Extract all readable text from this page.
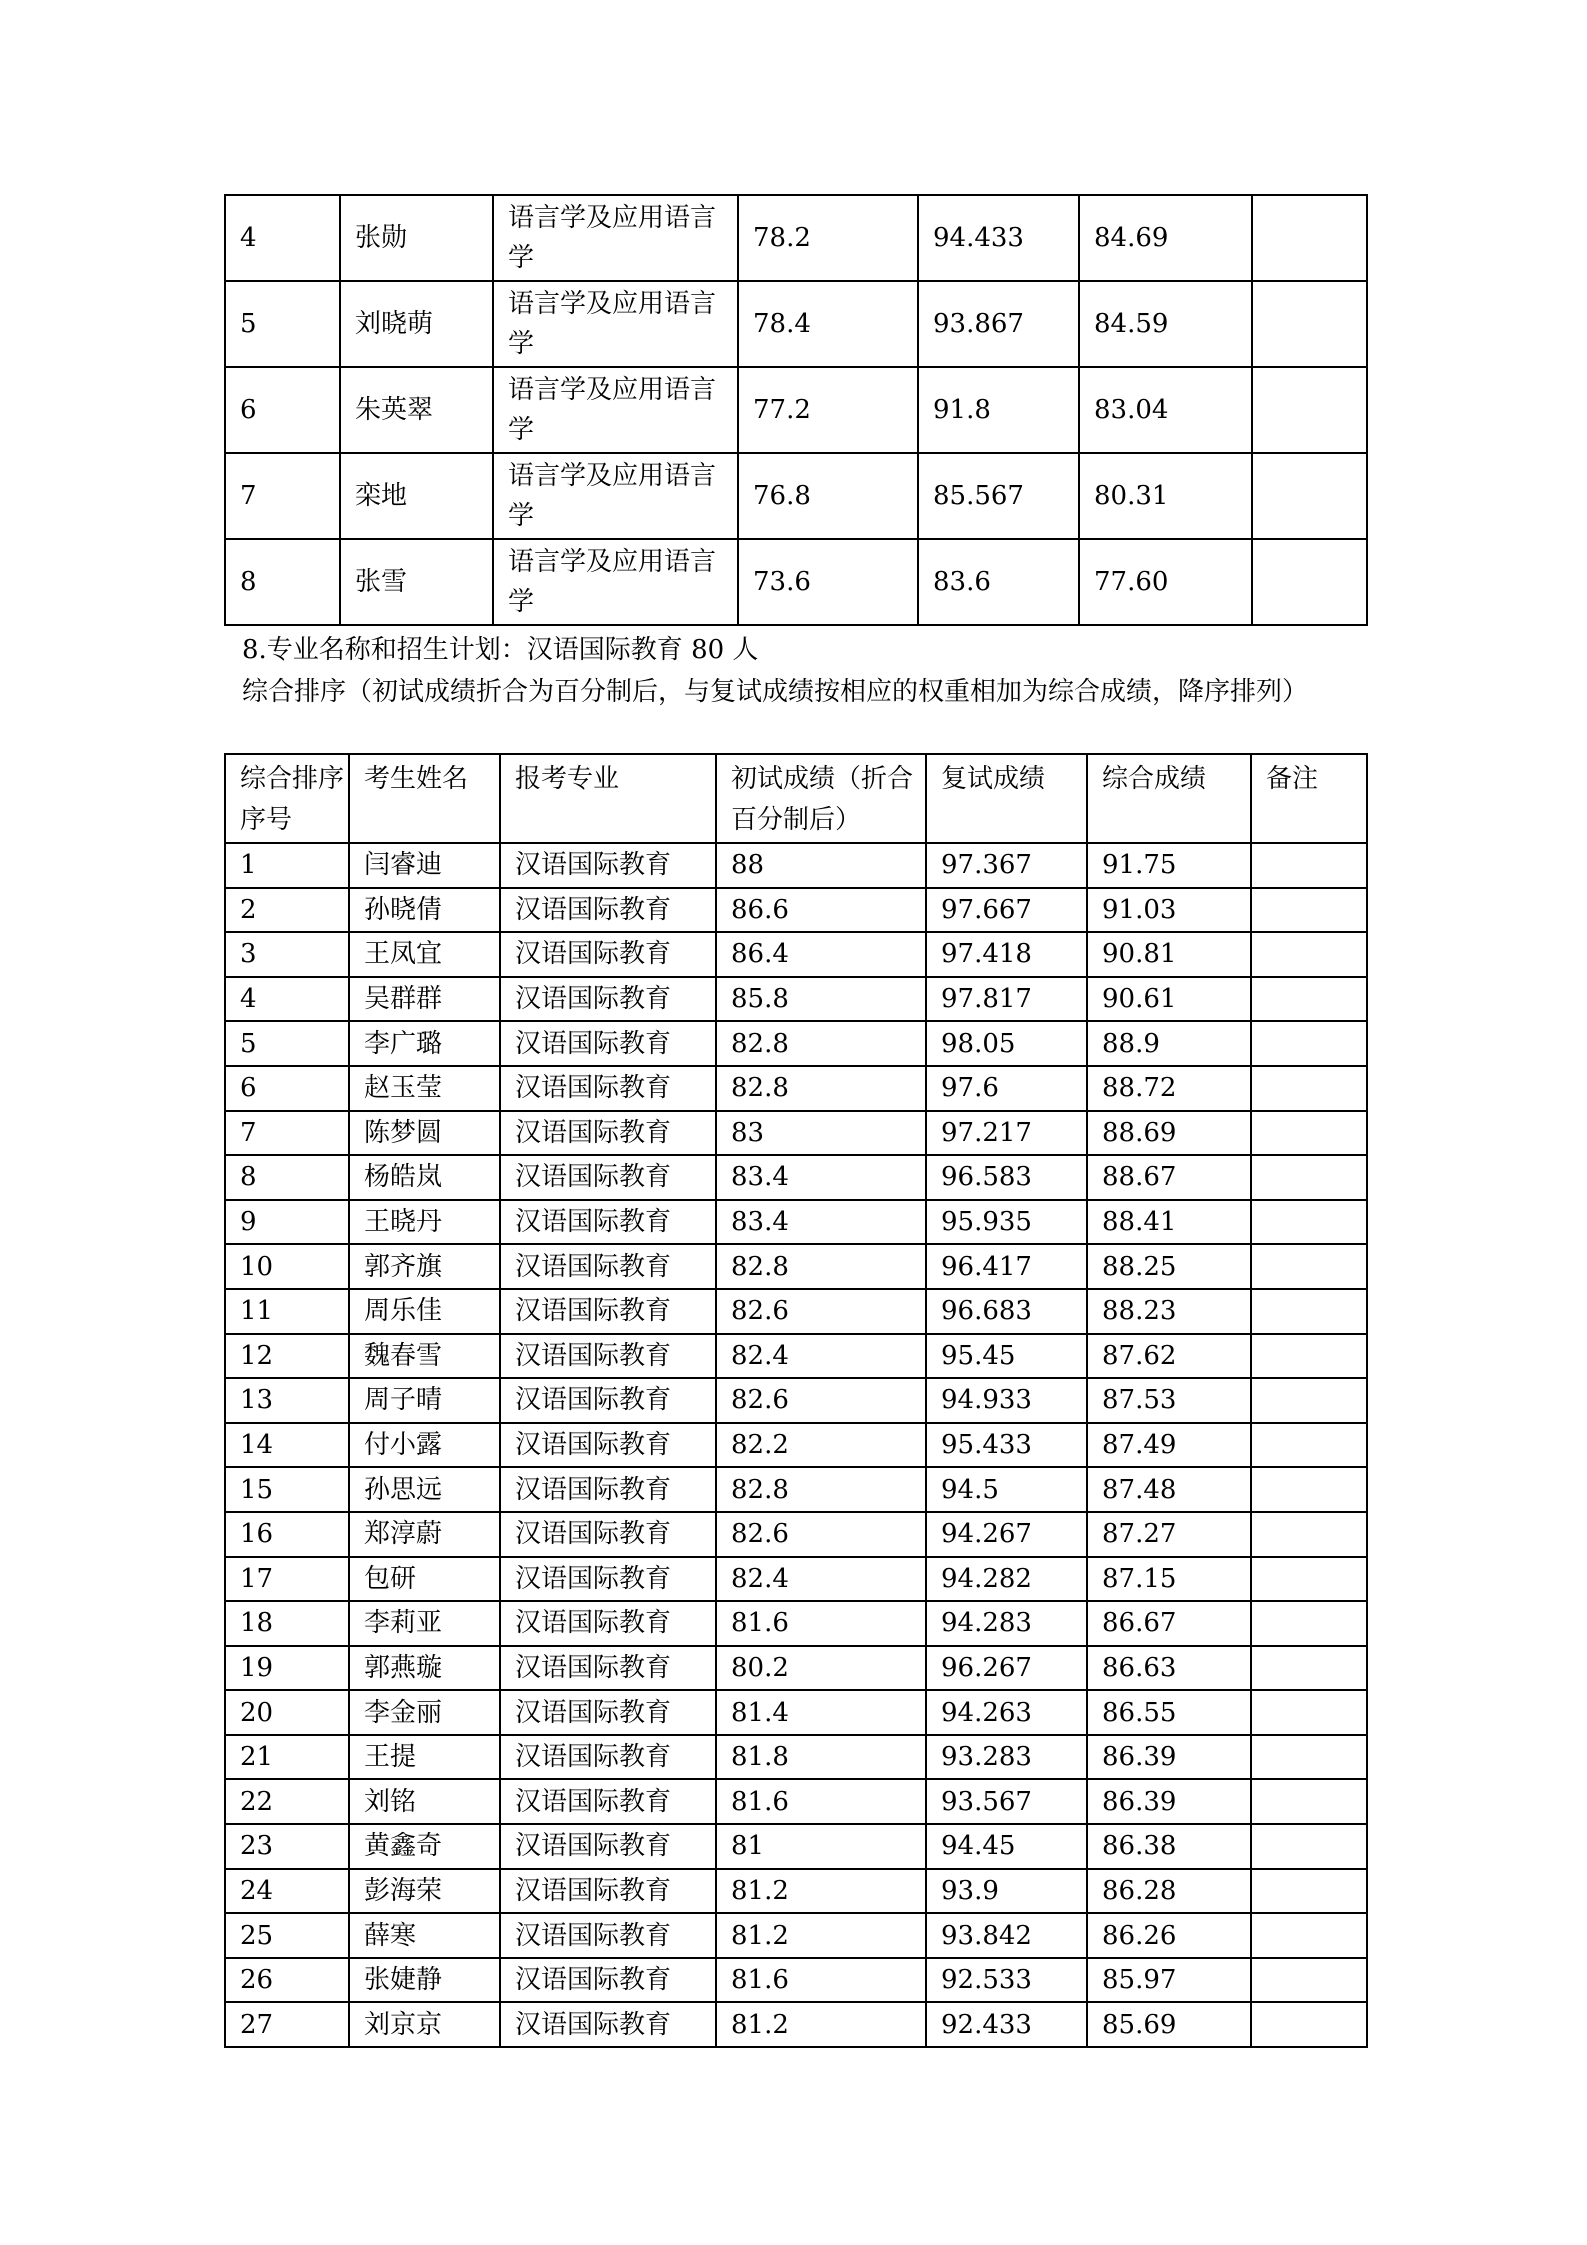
4	张勋	语言学及应用语言学	78.2	94.433	84.69	
5	刘晓萌	语言学及应用语言学	78.4	93.867	84.59	
6	朱英翠	语言学及应用语言学	77.2	91.8	83.04	
7	栾地	语言学及应用语言学	76.8	85.567	80.31	
8	张雪	语言学及应用语言学	73.6	83.6	77.60	
8.专业名称和招生计划：汉语国际教育 80 人
综合排序（初试成绩折合为百分制后，与复试成绩按相应的权重相加为综合成绩，降序排列）
综合排序序号	考生姓名	报考专业	初试成绩（折合百分制后）	复试成绩	综合成绩	备注
1	闫睿迪	汉语国际教育	88	97.367	91.75	
2	孙晓倩	汉语国际教育	86.6	97.667	91.03	
3	王凤宜	汉语国际教育	86.4	97.418	90.81	
4	吴群群	汉语国际教育	85.8	97.817	90.61	
5	李广璐	汉语国际教育	82.8	98.05	88.9	
6	赵玉莹	汉语国际教育	82.8	97.6	88.72	
7	陈梦圆	汉语国际教育	83	97.217	88.69	
8	杨皓岚	汉语国际教育	83.4	96.583	88.67	
9	王晓丹	汉语国际教育	83.4	95.935	88.41	
10	郭齐旗	汉语国际教育	82.8	96.417	88.25	
11	周乐佳	汉语国际教育	82.6	96.683	88.23	
12	魏春雪	汉语国际教育	82.4	95.45	87.62	
13	周子晴	汉语国际教育	82.6	94.933	87.53	
14	付小露	汉语国际教育	82.2	95.433	87.49	
15	孙思远	汉语国际教育	82.8	94.5	87.48	
16	郑淳蔚	汉语国际教育	82.6	94.267	87.27	
17	包研	汉语国际教育	82.4	94.282	87.15	
18	李莉亚	汉语国际教育	81.6	94.283	86.67	
19	郭燕璇	汉语国际教育	80.2	96.267	86.63	
20	李金丽	汉语国际教育	81.4	94.263	86.55	
21	王提	汉语国际教育	81.8	93.283	86.39	
22	刘铭	汉语国际教育	81.6	93.567	86.39	
23	黄鑫奇	汉语国际教育	81	94.45	86.38	
24	彭海荣	汉语国际教育	81.2	93.9	86.28	
25	薛寒	汉语国际教育	81.2	93.842	86.26	
26	张婕静	汉语国际教育	81.6	92.533	85.97	
27	刘京京	汉语国际教育	81.2	92.433	85.69	
